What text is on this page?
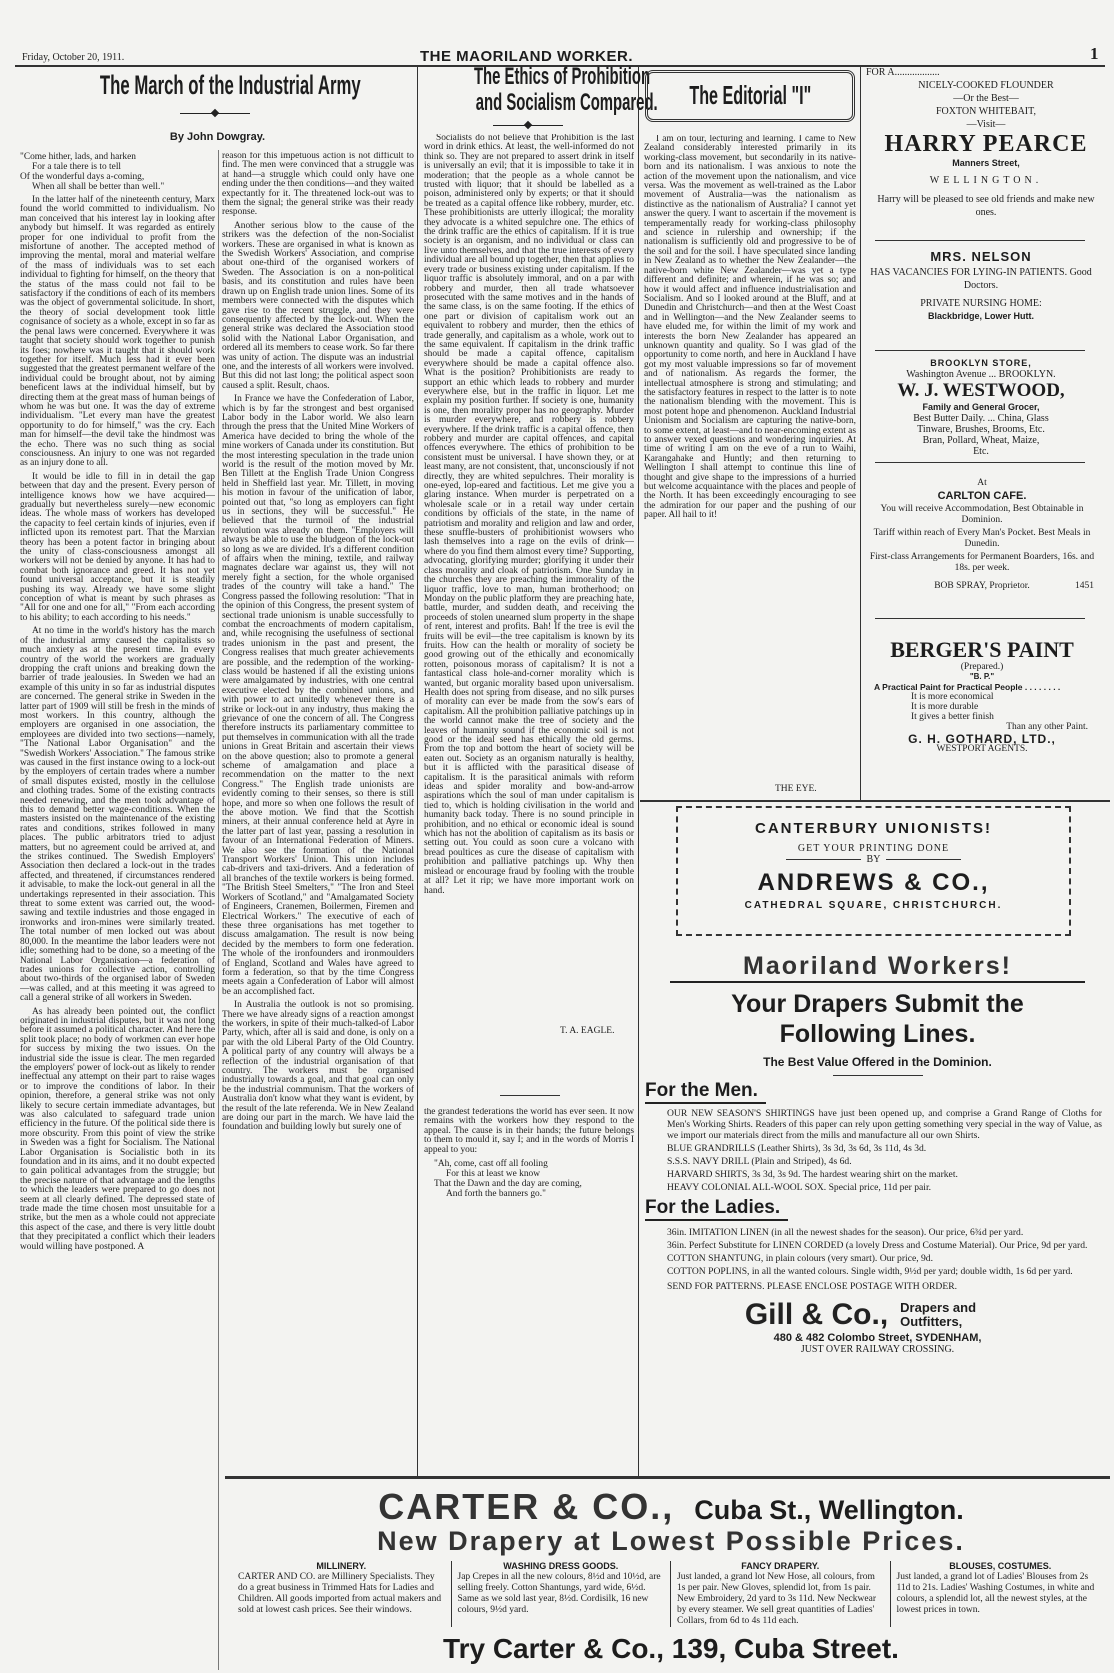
Friday, October 20, 1911.	THE MAORILAND WORKER.	1
The March of the Industrial Army
By John Dowgray.
"Come hither, lads, and harken
For a tale there is to tell
Of the wonderful days a-coming,
When all shall be better than well."

In the latter half of the nineteenth century, Marx found the world committed to individualism. No man conceived that his interest lay in looking after anybody but himself. It was regarded as entirely proper for one individual to profit from the misfortune of another. The accepted method of improving the mental, moral and material welfare of the mass of individuals was to set each individual to fighting for himself, on the theory that the status of the mass could not fail to be satisfactory if the conditions of each of its members was the object of governmental solicitude. In short, the theory of social development took little cognisance of society as a whole, except in so far as the penal laws were concerned. Everywhere it was taught that society should work together to punish its foes; nowhere was it taught that it should work together for itself. Much less had it ever been suggested that the greatest permanent welfare of the individual could be brought about, not by aiming beneficent laws at the individual himself, but by directing them at the great mass of human beings of whom he was but one. It was the day of extreme individualism. "Let every man have the greatest opportunity to do for himself," was the cry. Each man for himself—the devil take the hindmost was the echo. There was no such thing as social consciousness. An injury to one was not regarded as an injury done to all.

It would be idle to fill in in detail the gap between that day and the present. Every person of intelligence knows how we have acquired—gradually but nevertheless surely—new economic ideas. The whole mass of workers has developed the capacity to feel certain kinds of injuries, even if inflicted upon its remotest part. That the Marxian theory has been a potent factor in bringing about the unity of class-consciousness amongst all workers will not be denied by anyone. It has had to combat both ignorance and greed. It has not yet found universal acceptance, but it is steadily pushing its way. Already we have some slight conception of what is meant by such phrases as "All for one and one for all," "From each according to his ability; to each according to his needs."

At no time in the world's history has the march of the industrial army caused the capitalists so much anxiety as at the present time. In every country of the world the workers are gradually dropping the craft unions and breaking down the barrier of trade jealousies. In Sweden we had an example of this unity in so far as industrial disputes are concerned. The general strike in Sweden in the latter part of 1909 will still be fresh in the minds of most workers. In this country, although the employers are organised in one association, the employees are divided into two sections—namely, "The National Labor Organisation" and the "Swedish Workers' Association." The famous strike was caused in the first instance owing to a lock-out by the employers of certain trades where a number of small disputes existed, mostly in the cellulose and clothing trades. Some of the existing contracts needed renewing, and the men took advantage of this to demand better wage-conditions. When the masters insisted on the maintenance of the existing rates and conditions, strikes followed in many places. The public arbitrators tried to adjust matters, but no agreement could be arrived at, and the strikes continued. The Swedish Employers' Association then declared a lock-out in the trades affected, and threatened, if circumstances rendered it advisable, to make the lock-out general in all the undertakings represented in their association. This threat to some extent was carried out, the wood-sawing and textile industries and those engaged in ironworks and iron-mines were similarly treated. The total number of men locked out was about 80,000. In the meantime the labor leaders were not idle; something had to be done, so a meeting of the National Labor Organisation—a federation of trades unions for collective action, controlling about two-thirds of the organised labor of Sweden—was called, and at this meeting it was agreed to call a general strike of all workers in Sweden.

As has already been pointed out, the conflict originated in industrial disputes, but it was not long before it assumed a political character. And here the split took place; no body of workmen can ever hope for success by mixing the two issues. On the industrial side the issue is clear. The men regarded the employers' power of lock-out as likely to render ineffectual any attempt on their part to raise wages or to improve the conditions of labor. In their opinion, therefore, a general strike was not only likely to secure certain immediate advantages, but was also calculated to safeguard trade union efficiency in the future. Of the political side there is more obscurity. From this point of view the strike in Sweden was a fight for Socialism. The National Labor Organisation is Socialistic both in its foundation and in its aims, and it no doubt expected to gain political advantages from the struggle; but the precise nature of that advantage and the lengths to which the leaders were prepared to go does not seem at all clearly defined. The depressed state of trade made the time chosen most unsuitable for a strike, but the men as a whole could not appreciate this aspect of the case, and there is very little doubt that they precipitated a conflict which their leaders would willing have postponed. A

reason for this impetuous action is not difficult to find. The men were convinced that a struggle was at hand—a struggle which could only have one ending under the then conditions—and they waited expectantly for it. The threatened lock-out was to them the signal; the general strike was their ready response.

Another serious blow to the cause of the strikers was the defection of the non-Socialist workers. These are organised in what is known as the Swedish Workers' Association, and comprise about one-third of the organised workers of Sweden. The Association is on a non-political basis, and its constitution and rules have been drawn up on English trade union lines. Some of its members were connected with the disputes which gave rise to the recent struggle, and they were consequently affected by the lock-out. When the general strike was declared the Association stood solid with the National Labor Organisation, and ordered all its members to cease work. So far there was unity of action. The dispute was an industrial one, and the interests of all workers were involved. But this did not last long; the political aspect soon caused a split. Result, chaos.

In France we have the Confederation of Labor, which is by far the strongest and best organised Labor body in the Labor world. We also learn through the press that the United Mine Workers of America have decided to bring the whole of the mine workers of Canada under its constitution. But the most interesting speculation in the trade union world is the result of the motion moved by Mr. Ben Tillett at the English Trade Union Congress held in Sheffield last year. Mr. Tillett, in moving his motion in favour of the unification of labor, pointed out that, "so long as employers can fight us in sections, they will be successful." He believed that the turmoil of the industrial revolution was already on them. "Employers will always be able to use the bludgeon of the lock-out so long as we are divided. It's a different condition of affairs when the mining, textile, and railway magnates declare war against us, they will not merely fight a section, for the whole organised trades of the country will take a hand." The Congress passed the following resolution: "That in the opinion of this Congress, the present system of sectional trade unionism is unable successfully to combat the encroachments of modern capitalism, and, while recognising the usefulness of sectional trades unionism in the past and present, the Congress realises that much greater achievements are possible, and the redemption of the working-class would be hastened if all the existing unions were amalgamated by industries, with one central executive elected by the combined unions, and with power to act unitedly whenever there is a strike or lock-out in any industry, thus making the grievance of one the concern of all. The Congress therefore instructs its parliamentary committee to put themselves in communication with all the trade unions in Great Britain and ascertain their views on the above question; also to promote a general scheme of amalgamation and place a recommendation on the matter to the next Congress." The English trade unionists are evidently coming to their senses, so there is still hope, and more so when one follows the result of the above motion. We find that the Scottish miners, at their annual conference held at Ayre in the latter part of last year, passing a resolution in favour of an International Federation of Miners. We also see the formation of the National Transport Workers' Union. This union includes cab-drivers and taxi-drivers. And a federation of all branches of the textile workers is being formed. "The British Steel Smelters," "The Iron and Steel Workers of Scotland," and "Amalgamated Society of Engineers, Cranemen, Boilermen, Firemen and Electrical Workers." The executive of each of these three organisations has met together to discuss amalgamation. The result is now being decided by the members to form one federation. The whole of the ironfounders and ironmoulders of England, Scotland and Wales have agreed to form a federation, so that by the time Congress meets again a Confederation of Labor will almost be an accomplished fact.

In Australia the outlook is not so promising. There we have already signs of a reaction amongst the workers, in spite of their much-talked-of Labor Party, which, after all is said and done, is only on a par with the old Liberal Party of the Old Country. A political party of any country will always be a reflection of the industrial organisation of that country. The workers must be organised industrially towards a goal, and that goal can only be the industrial communism. That the workers of Australia don't know what they want is evident, by the result of the late referenda. We in New Zealand are doing our part in the march. We have laid the foundation and building lowly but surely one of

The Ethics of Prohibition
and Socialism Compared.

Socialists do not believe that Prohibition is the last word in drink ethics. At least, the well-informed do not think so. They are not prepared to assert drink in itself is universally an evil; that it is impossible to take it in moderation; that the people as a whole cannot be trusted with liquor; that it should be labelled as a poison, administered only by experts; or that it should be treated as a capital offence like robbery, murder, etc. These prohibitionists are utterly illogical; the morality they advocate is a whited sepulchre one. The ethics of the drink traffic are the ethics of capitalism. If it is true society is an organism, and no individual or class can live unto themselves, and that the true interests of every individual are all bound up together, then that applies to every trade or business existing under capitalism. If the liquor traffic is absolutely immoral, and on a par with robbery and murder, then all trade whatsoever prosecuted with the same motives and in the hands of the same class, is on the same footing. If the ethics of one part or division of capitalism work out an equivalent to robbery and murder, then the ethics of trade generally, and capitalism as a whole, work out to the same equivalent. If capitalism in the drink traffic should be made a capital offence, capitalism everywhere should be made a capital offence also. What is the position? Prohibitionists are ready to support an ethic which leads to robbery and murder everywhere else, but in the traffic in liquor. Let me explain my position further. If society is one, humanity is one, then morality proper has no geography. Murder is murder everywhere, and robbery is robbery everywhere. If the drink traffic is a capital offence, then robbery and murder are capital offences, and capital offences everywhere. The ethics of prohibition to be consistent must be universal. I have shown they, or at least many, are not consistent, that, unconsciously if not directly, they are whited sepulchres. Their morality is one-eyed, lop-eared and factitious. Let me give you a glaring instance. When murder is perpetrated on a wholesale scale or in a retail way under certain conditions by officials of the state, in the name of patriotism and morality and religion and law and order, these snuffle-busters of prohibitionist wowsers who lash themselves into a rage on the evils of drink—where do you find them almost every time? Supporting, advocating, glorifying murder; glorifying it under their class morality and cloak of patriotism. One Sunday in the churches they are preaching the immorality of the liquor traffic, love to man, human brotherhood; on Monday on the public platform they are preaching hate, battle, murder, and sudden death, and receiving the proceeds of stolen unearned slum property in the shape of rent, interest and profits. Bah! If the tree is evil the fruits will be evil—the tree capitalism is known by its fruits. How can the health or morality of society be good growing out of the ethically and economically rotten, poisonous morass of capitalism? It is not a fantastical class hole-and-corner morality which is wanted, but organic morality based upon universalism. Health does not spring from disease, and no silk purses of morality can ever be made from the sow's ears of capitalism. All the prohibition palliative patchings up in the world cannot make the tree of society and the leaves of humanity sound if the economic soil is not good or the ideal seed has ethically the old germs. From the top and bottom the heart of society will be eaten out. Society as an organism naturally is healthy, but it is afflicted with the parasitical disease of capitalism. It is the parasitical animals with reform ideas and spider morality and bow-and-arrow aspirations which the soul of man under capitalism is tied to, which is holding civilisation in the world and humanity back today. There is no sound principle in prohibition, and no ethical or economic ideal is sound which has not the abolition of capitalism as its basis or setting out. You could as soon cure a volcano with bread poultices as cure the disease of capitalism with prohibition and palliative patchings up. Why then mislead or encourage fraud by fooling with the trouble at all? Let it rip; we have more important work on hand.

T. A. EAGLE.

the grandest federations the world has ever seen. It now remains with the workers how they respond to the appeal. The cause is in their hands; the future belongs to them to mould it, say I; and in the words of Morris I appeal to you:

"Ah, come, cast off all fooling
For this at least we know
That the Dawn and the day are coming,
And forth the banners go."
The Editorial "I"

I am on tour, lecturing and learning. I came to New Zealand considerably interested primarily in its working-class movement, but secondarily in its native-born and its nationalism. I was anxious to note the action of the movement upon the nationalism, and vice versa. Was the movement as well-trained as the Labor movement of Australia—was the nationalism as distinctive as the nationalism of Australia? I cannot yet answer the query. I want to ascertain if the movement is temperamentally ready for working-class philosophy and science in rulership and ownership; if the nationalism is sufficiently old and progressive to be of the soil and for the soil. I have speculated since landing in New Zealand as to whether the New Zealander—the native-born white New Zealander—was yet a type different and definite; and wherein, if he was so; and how it would affect and influence industrialisation and Socialism. And so I looked around at the Bluff, and at Dunedin and Christchurch—and then at the West Coast and in Wellington—and the New Zealander seems to have eluded me, for within the limit of my work and interests the born New Zealander has appeared an unknown quantity and quality. So I was glad of the opportunity to come north, and here in Auckland I have got my most valuable impressions so far of movement and of nationalism. As regards the former, the intellectual atmosphere is strong and stimulating; and the satisfactory features in respect to the latter is to note the nationalism blending with the movement. This is most potent hope and phenomenon. Auckland Industrial Unionism and Socialism are capturing the native-born, to some extent, at least—and to near-encoming extent as to answer vexed questions and wondering inquiries. At time of writing I am on the eve of a run to Waihi, Karangahake and Huntly; and then returning to Wellington I shall attempt to continue this line of thought and give shape to the impressions of a hurried but welcome acquaintance with the places and people of the North. It has been exceedingly encouraging to see the admiration for our paper and the pushing of our paper. All hail to it!

THE EYE.
FOR A..................
NICELY-COOKED FLOUNDER
—Or the Best—
FOXTON WHITEBAIT,
—Visit—
HARRY PEARCE
Manners Street,
WELLINGTON.
Harry will be pleased to see old friends and make new ones.
MRS. NELSON
HAS VACANCIES FOR LYING-IN PATIENTS. Good Doctors.
PRIVATE NURSING HOME:
Blackbridge, Lower Hutt.
BROOKLYN STORE,
Washington Avenue ... BROOKLYN.
W. J. WESTWOOD,
Family and General Grocer,
Best Butter Daily. ... China, Glass
Tinware, Brushes, Brooms, Etc.
Bran, Pollard, Wheat, Maize,
Etc.
At
CARLTON CAFE.
You will receive Accommodation, Best Obtainable in Dominion.
Tariff within reach of Every Man's Pocket. Best Meals in Dunedin.
First-class Arrangements for Permanent Boarders, 16s. and 18s. per week.
BOB SPRAY, Proprietor.	1451
BERGER'S PAINT
(Prepared.)
"B. P."
A Practical Paint for Practical People . . . . . . . .
It is more economical
It is more durable
It gives a better finish
Than any other Paint.
G. H. GOTHARD, LTD.,
WESTPORT AGENTS.
CANTERBURY UNIONISTS!
GET YOUR PRINTING DONE
BY
ANDREWS & CO.,
CATHEDRAL SQUARE, CHRISTCHURCH.
Maoriland Workers!
Your Drapers Submit the
Following Lines.
The Best Value Offered in the Dominion.
For the Men.
OUR NEW SEASON'S SHIRTINGS have just been opened up, and comprise a Grand Range of Cloths for Men's Working Shirts. Readers of this paper can rely upon getting something very special in the way of Value, as we import our materials direct from the mills and manufacture all our own Shirts.
BLUE GRANDRILLS (Leather Shirts), 3s 3d, 3s 6d, 3s 11d, 4s 3d.
S.S.S. NAVY DRILL (Plain and Striped), 4s 6d.
HARVARD SHIRTS, 3s 3d, 3s 9d. The hardest wearing shirt on the market.
HEAVY COLONIAL ALL-WOOL SOX. Special price, 11d per pair.
For the Ladies.
36in. IMITATION LINEN (in all the newest shades for the season). Our price, 6¾d per yard.
36in. Perfect Substitute for LINEN CORDED (a lovely Dress and Costume Material). Our Price, 9d per yard.
COTTON SHANTUNG, in plain colours (very smart). Our price, 9d.
COTTON POPLINS, in all the wanted colours. Single width, 9½d per yard; double width, 1s 6d per yard.
SEND FOR PATTERNS. PLEASE ENCLOSE POSTAGE WITH ORDER.
Gill & Co., Drapers and Outfitters,
480 & 482 Colombo Street, SYDENHAM,
JUST OVER RAILWAY CROSSING.
CARTER & CO., Cuba St., Wellington.
New Drapery at Lowest Possible Prices.
MILLINERY.
CARTER AND CO. are Millinery Specialists. They do a great business in Trimmed Hats for Ladies and Children. All goods imported from actual makers and sold at lowest cash prices. See their windows.
WASHING DRESS GOODS.
Jap Crepes in all the new colours, 8½d and 10½d, are selling freely. Cotton Shantungs, yard wide, 6½d. Same as we sold last year, 8½d. Cordisilk, 16 new colours, 9½d yard.
FANCY DRAPERY.
Just landed, a grand lot New Hose, all colours, from 1s per pair. New Gloves, splendid lot, from 1s pair. New Embroidery, 2d yard to 3s 11d. New Neckwear by every steamer. We sell great quantities of Ladies' Collars, from 6d to 4s 11d each.
BLOUSES, COSTUMES.
Just landed, a grand lot of Ladies' Blouses from 2s 11d to 21s. Ladies' Washing Costumes, in white and colours, a splendid lot, all the newest styles, at the lowest prices in town.
Try Carter & Co., 139, Cuba Street.
